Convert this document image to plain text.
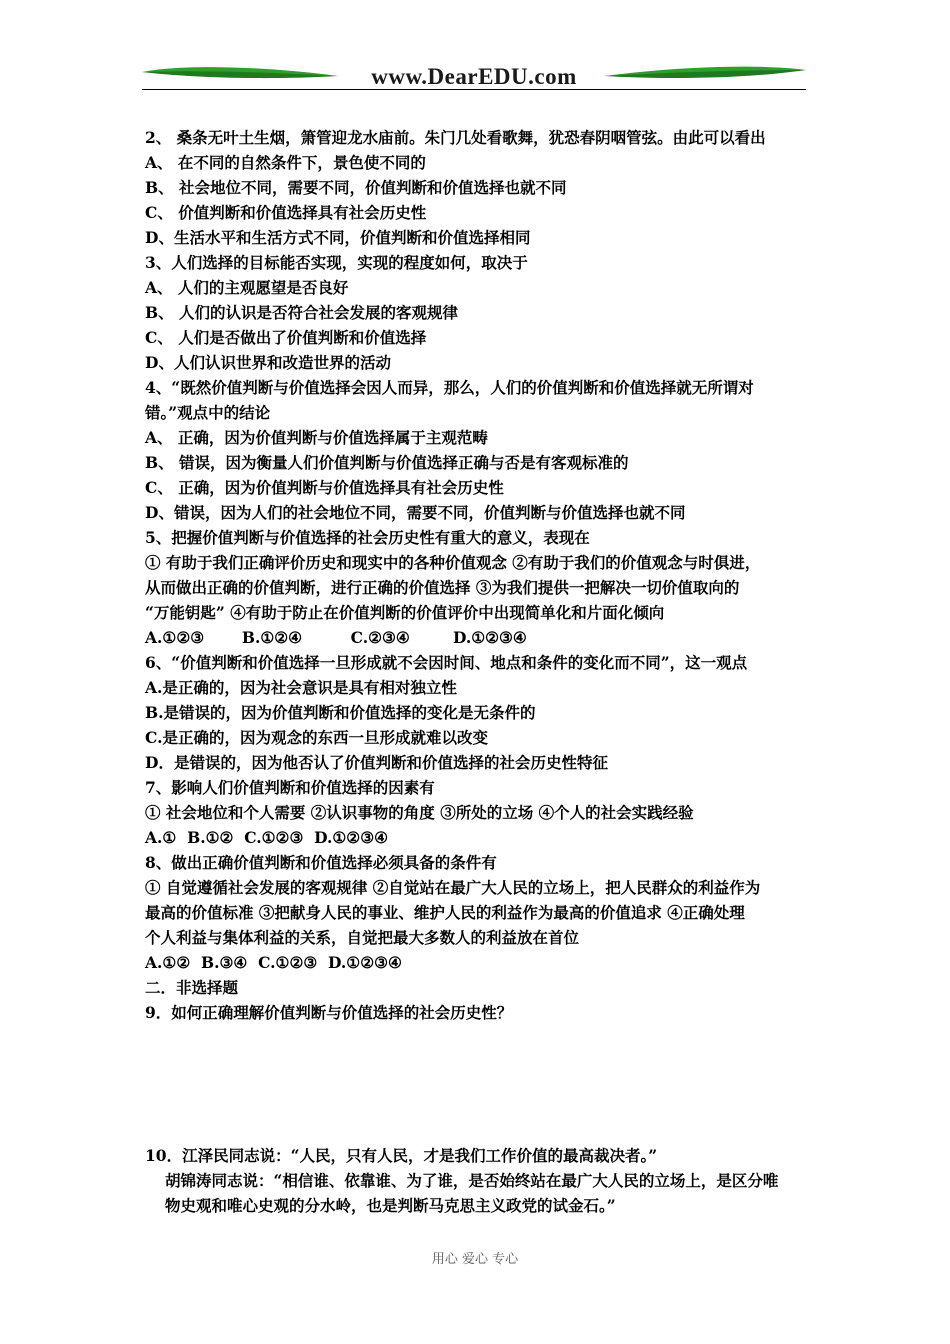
www.DearEDU.com

2、 桑条无叶土生烟，箫管迎龙水庙前。朱门几处看歌舞，犹恐春阴咽管弦。由此可以看出

A、 在不同的自然条件下，景色使不同的

B、 社会地位不同，需要不同，价值判断和价值选择也就不同

C、 价值判断和价值选择具有社会历史性

D、生活水平和生活方式不同，价值判断和价值选择相同

3、人们选择的目标能否实现，实现的程度如何，取决于

A、 人们的主观愿望是否良好

B、 人们的认识是否符合社会发展的客观规律

C、 人们是否做出了价值判断和价值选择

D、人们认识世界和改造世界的活动

4、“既然价值判断与价值选择会因人而异，那么，人们的价值判断和价值选择就无所谓对

错。”观点中的结论

A、 正确，因为价值判断与价值选择属于主观范畴

B、 错误，因为衡量人们价值判断与价值选择正确与否是有客观标准的

C、 正确，因为价值判断与价值选择具有社会历史性

D、错误，因为人们的社会地位不同，需要不同，价值判断与价值选择也就不同

5、把握价值判断与价值选择的社会历史性有重大的意义，表现在

① 有助于我们正确评价历史和现实中的各种价值观念 ②有助于我们的价值观念与时俱进，

从而做出正确的价值判断，进行正确的价值选择 ③为我们提供一把解决一切价值取向的

“万能钥匙” ④有助于防止在价值判断的价值评价中出现简单化和片面化倾向

A.①②③       B.①②④         C.②③④        D.①②③④

6、“价值判断和价值选择一旦形成就不会因时间、地点和条件的变化而不同”，这一观点

A.是正确的，因为社会意识是具有相对独立性

B.是错误的，因为价值判断和价值选择的变化是无条件的

C.是正确的，因为观念的东西一旦形成就难以改变

D．是错误的，因为他否认了价值判断和价值选择的社会历史性特征

7、影响人们价值判断和价值选择的因素有

① 社会地位和个人需要 ②认识事物的角度 ③所处的立场 ④个人的社会实践经验

A.①  B.①②  C.①②③  D.①②③④

8、做出正确价值判断和价值选择必须具备的条件有

① 自觉遵循社会发展的客观规律 ②自觉站在最广大人民的立场上，把人民群众的利益作为

最高的价值标准 ③把献身人民的事业、维护人民的利益作为最高的价值追求 ④正确处理

个人利益与集体利益的关系，自觉把最大多数人的利益放在首位

A.①②  B.③④  C.①②③  D.①②③④

二．非选择题

9．如何正确理解价值判断与价值选择的社会历史性？

10．江泽民同志说：“人民，只有人民，才是我们工作价值的最高裁决者。”

胡锦涛同志说：“相信谁、依靠谁、为了谁，是否始终站在最广大人民的立场上，是区分唯

物史观和唯心史观的分水岭，也是判断马克思主义政党的试金石。”

用心 爱心 专心
